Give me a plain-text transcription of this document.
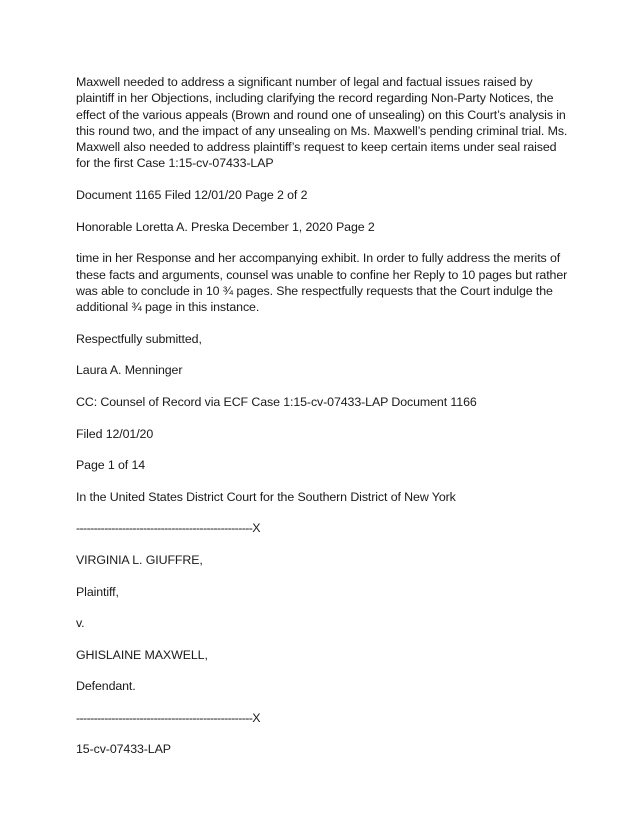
Maxwell needed to address a significant number of legal and factual issues raised by plaintiff in her Objections, including clarifying the record regarding Non-Party Notices, the effect of the various appeals (Brown and round one of unsealing) on this Court’s analysis in this round two, and the impact of any unsealing on Ms. Maxwell’s pending criminal trial. Ms. Maxwell also needed to address plaintiff’s request to keep certain items under seal raised for the first Case 1:15-cv-07433-LAP

Document 1165 Filed 12/01/20 Page 2 of 2

Honorable Loretta A. Preska December 1, 2020 Page 2

time in her Response and her accompanying exhibit. In order to fully address the merits of these facts and arguments, counsel was unable to confine her Reply to 10 pages but rather was able to conclude in 10 ¾ pages. She respectfully requests that the Court indulge the additional ¾ page in this instance.

Respectfully submitted,

Laura A. Menninger

CC: Counsel of Record via ECF Case 1:15-cv-07433-LAP Document 1166

Filed 12/01/20

Page 1 of 14

In the United States District Court for the Southern District of New York

--------------------------------------------------X

VIRGINIA L. GIUFFRE,

Plaintiff,

v.

GHISLAINE MAXWELL,

Defendant.

--------------------------------------------------X

15-cv-07433-LAP
